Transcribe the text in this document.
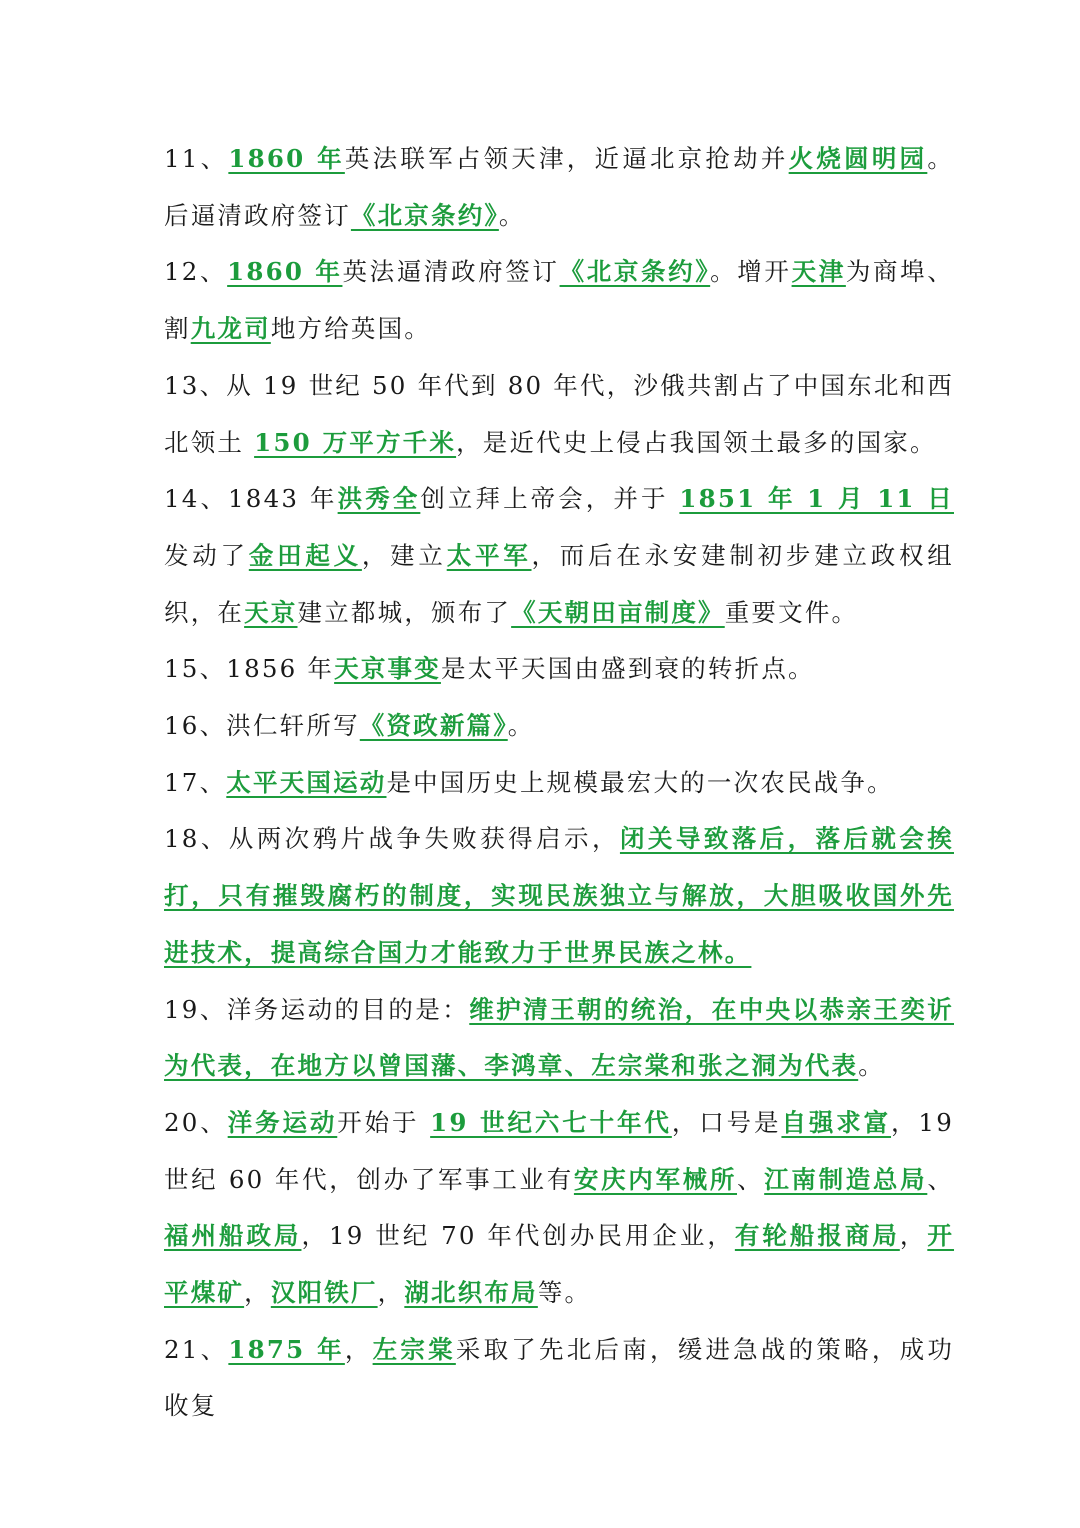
11、1860 年英法联军占领天津，近逼北京抢劫并火烧圆明园。后逼清政府签订《北京条约》。

12、1860 年英法逼清政府签订《北京条约》。增开天津为商埠、割九龙司地方给英国。

13、从 19 世纪 50 年代到 80 年代，沙俄共割占了中国东北和西北领土 150 万平方千米，是近代史上侵占我国领土最多的国家。

14、1843 年洪秀全创立拜上帝会，并于 1851 年 1 月 11 日发动了金田起义，建立太平军，而后在永安建制初步建立政权组织，在天京建立都城，颁布了《天朝田亩制度》重要文件。

15、1856 年天京事变是太平天国由盛到衰的转折点。

16、洪仁轩所写《资政新篇》。

17、太平天国运动是中国历史上规模最宏大的一次农民战争。

18、从两次鸦片战争失败获得启示，闭关导致落后，落后就会挨打，只有摧毁腐朽的制度，实现民族独立与解放，大胆吸收国外先进技术，提高综合国力才能致力于世界民族之林。

19、洋务运动的目的是：维护清王朝的统治，在中央以恭亲王奕䜣为代表，在地方以曾国藩、李鸿章、左宗棠和张之洞为代表。

20、洋务运动开始于 19 世纪六七十年代，口号是自强求富，19 世纪 60 年代，创办了军事工业有安庆内军械所、江南制造总局、福州船政局，19 世纪 70 年代创办民用企业，有轮船报商局，开平煤矿，汉阳铁厂，湖北织布局等。

21、1875 年，左宗棠采取了先北后南，缓进急战的策略，成功收复
